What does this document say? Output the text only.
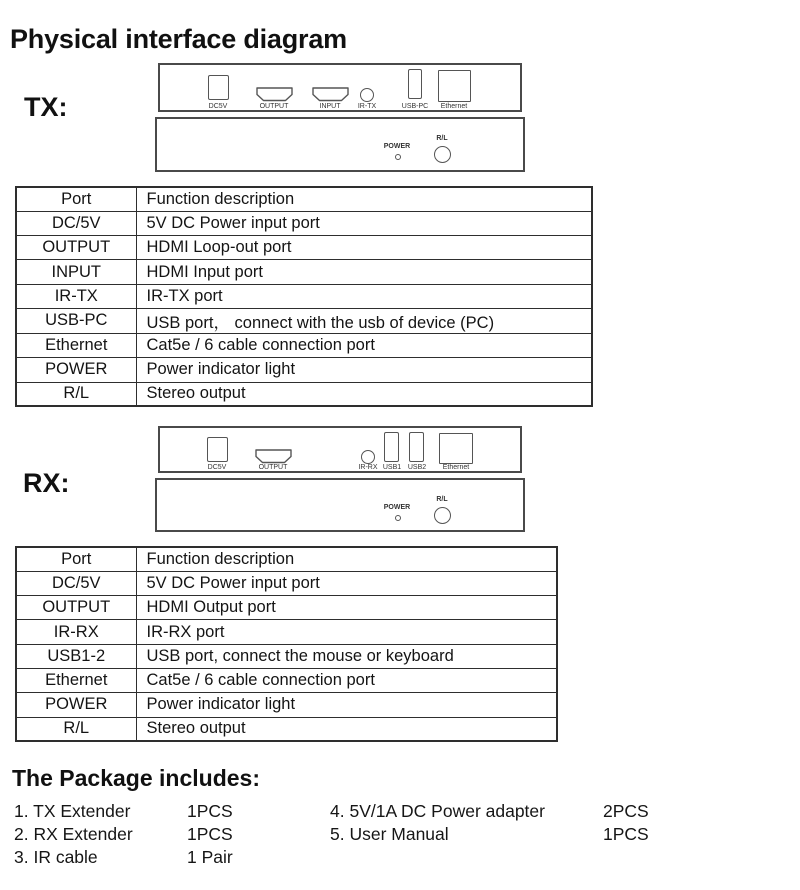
Physical interface diagram
TX:	DC5V	OUTPUT	INPUT	IR-TX	USB-PC	Ethernet
POWER
R/L
Port	Function description
DC/5V	5V DC Power input port
OUTPUT	HDMI Loop-out port
INPUT	HDMI Input port
IR-TX	IR-TX port
USB-PC	USB port， connect with the usb of device (PC)
Ethernet	Cat5e / 6 cable connection port
POWER	Power indicator light
R/L	Stereo output
RX:
DC5V	OUTPUT	IR-RX USB1 USB2	Ethernet
POWER
R/L
Port	Function description
DC/5V	5V DC Power input port
OUTPUT	HDMI Output port
IR-RX	IR-RX port
USB1-2	USB port, connect the mouse or keyboard
Ethernet	Cat5e / 6 cable connection port
POWER	Power indicator light
R/L	Stereo output
The Package includes:
1. TX Extender	1PCS
2. RX Extender	1PCS
3. IR cable	1 Pair
4. 5V/1A DC Power adapter	2PCS
5. User Manual	1PCS
